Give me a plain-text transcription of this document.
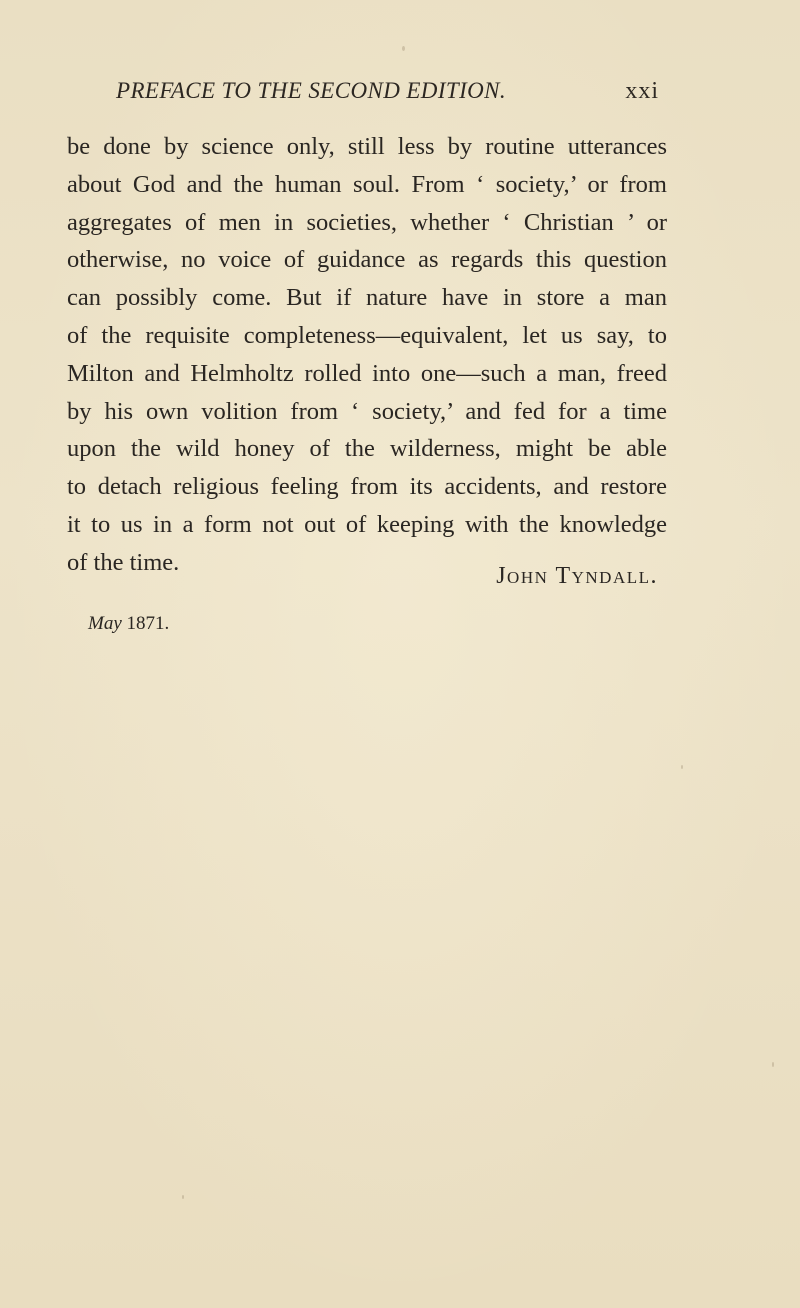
PREFACE TO THE SECOND EDITION.	xxi
be done by science only, still less by routine utterances
about God and the human soul. From ‘ society,’ or from
aggregates of men in societies, whether ‘ Christian ’ or
otherwise, no voice of guidance as regards this question
can possibly come. But if nature have in store a man
of the requisite completeness—equivalent, let us say, to
Milton and Helmholtz rolled into one—such a man, freed
by his own volition from ‘ society,’ and fed for a time
upon the wild honey of the wilderness, might be able
to detach religious feeling from its accidents, and restore
it to us in a form not out of keeping with the knowledge
of the time.
John Tyndall.
May 1871.
